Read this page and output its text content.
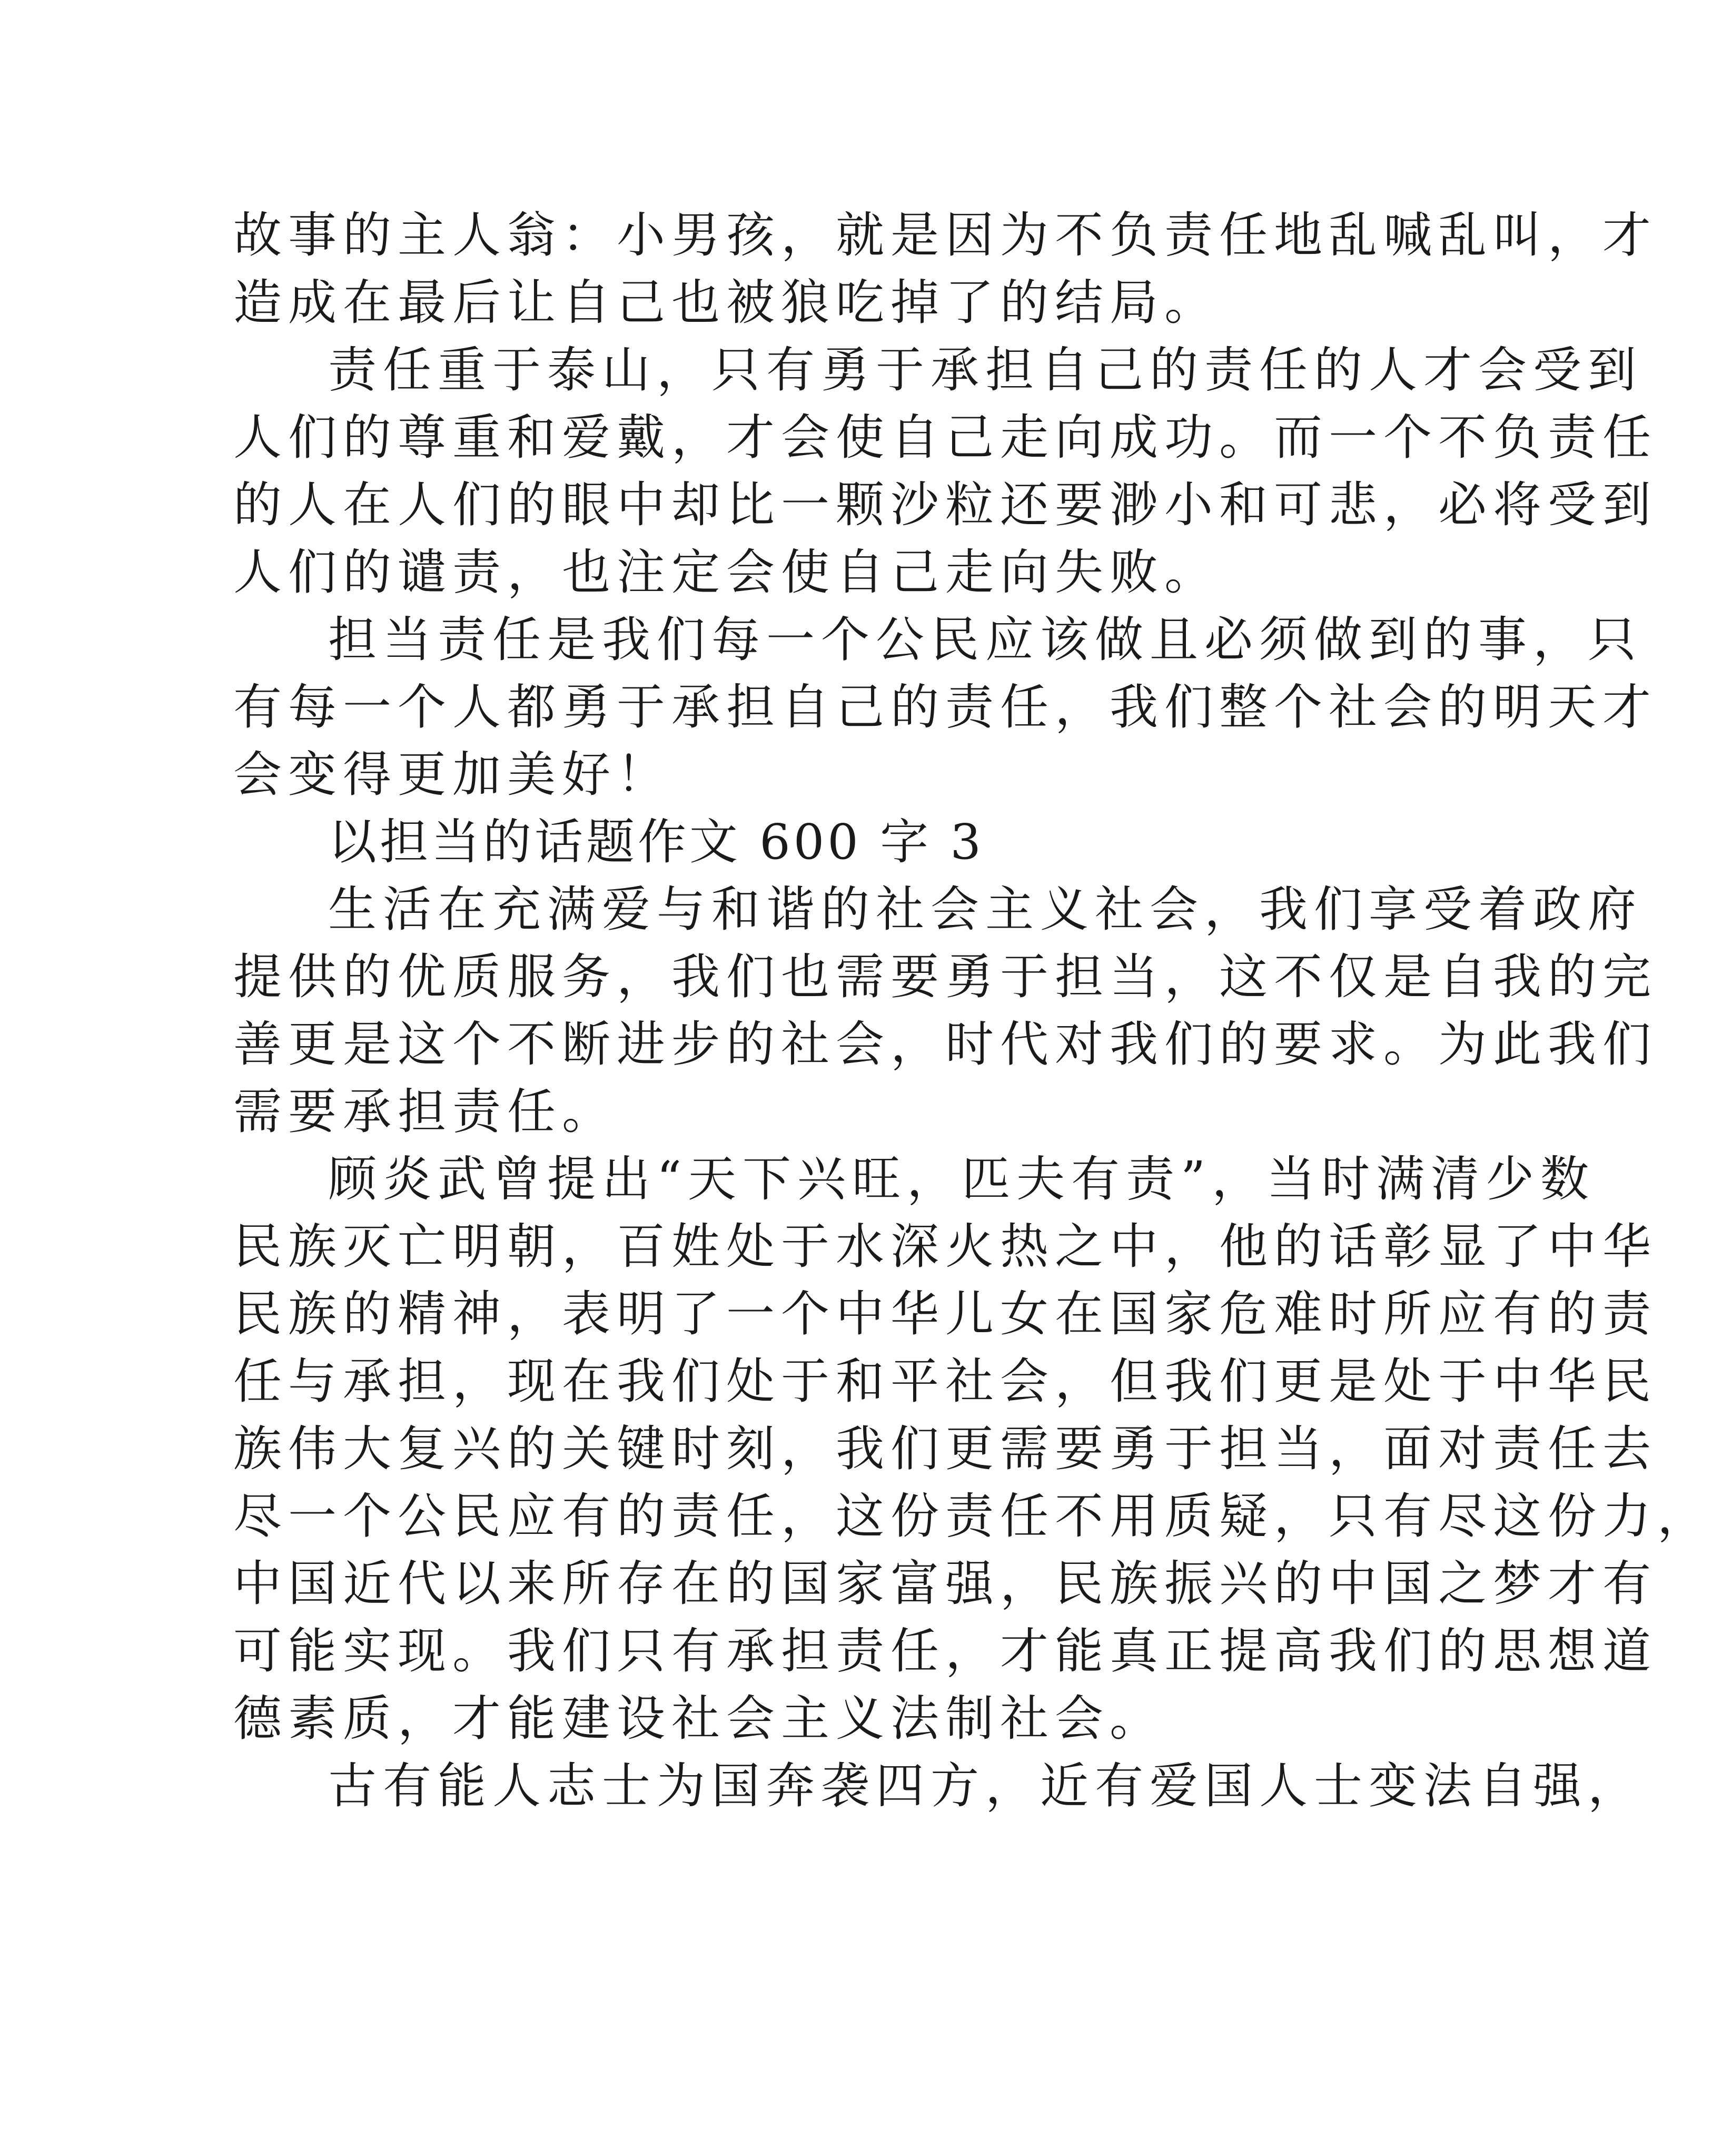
故事的主人翁：小男孩，就是因为不负责任地乱喊乱叫，才
造成在最后让自己也被狼吃掉了的结局。
责任重于泰山，只有勇于承担自己的责任的人才会受到
人们的尊重和爱戴，才会使自己走向成功。而一个不负责任
的人在人们的眼中却比一颗沙粒还要渺小和可悲，必将受到
人们的谴责，也注定会使自己走向失败。
担当责任是我们每一个公民应该做且必须做到的事，只
有每一个人都勇于承担自己的责任，我们整个社会的明天才
会变得更加美好！
以担当的话题作文 600 字 3
生活在充满爱与和谐的社会主义社会，我们享受着政府
提供的优质服务，我们也需要勇于担当，这不仅是自我的完
善更是这个不断进步的社会，时代对我们的要求。为此我们
需要承担责任。
顾炎武曾提出“天下兴旺，匹夫有责”，当时满清少数
民族灭亡明朝，百姓处于水深火热之中，他的话彰显了中华
民族的精神，表明了一个中华儿女在国家危难时所应有的责
任与承担，现在我们处于和平社会，但我们更是处于中华民
族伟大复兴的关键时刻，我们更需要勇于担当，面对责任去
尽一个公民应有的责任，这份责任不用质疑，只有尽这份力，
中国近代以来所存在的国家富强，民族振兴的中国之梦才有
可能实现。我们只有承担责任，才能真正提高我们的思想道
德素质，才能建设社会主义法制社会。
古有能人志士为国奔袭四方，近有爱国人士变法自强，
